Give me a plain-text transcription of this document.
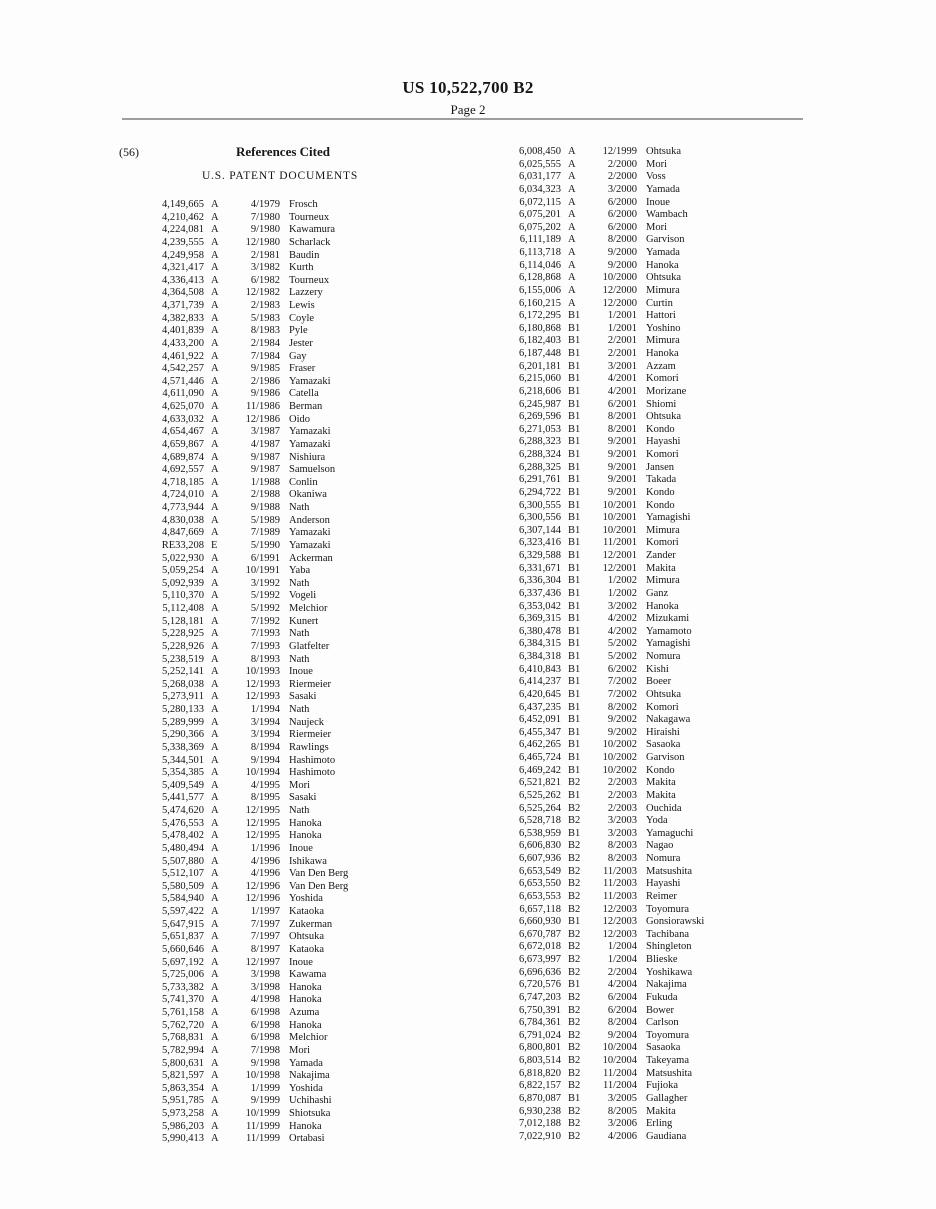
US 10,522,700 B2
Page 2
(56)	References Cited
U.S. PATENT DOCUMENTS
4,149,665 A	4/1979 Frosch
4,210,462 A	7/1980 Tourneux
4,224,081 A	9/1980 Kawamura
4,239,555 A	12/1980 Scharlack
4,249,958 A	2/1981 Baudin
4,321,417 A	3/1982 Kurth
4,336,413 A	6/1982 Tourneux
4,364,508 A	12/1982 Lazzery
4,371,739 A	2/1983 Lewis
4,382,833 A	5/1983 Coyle
4,401,839 A	8/1983 Pyle
4,433,200 A	2/1984 Jester
4,461,922 A	7/1984 Gay
4,542,257 A	9/1985 Fraser
4,571,446 A	2/1986 Yamazaki
4,611,090 A	9/1986 Catella
4,625,070 A	11/1986 Berman
4,633,032 A	12/1986 Oido
4,654,467 A	3/1987 Yamazaki
4,659,867 A	4/1987 Yamazaki
4,689,874 A	9/1987 Nishiura
4,692,557 A	9/1987 Samuelson
4,718,185 A	1/1988 Conlin
4,724,010 A	2/1988 Okaniwa
4,773,944 A	9/1988 Nath
4,830,038 A	5/1989 Anderson
4,847,669 A	7/1989 Yamazaki
RE33,208 E	5/1990 Yamazaki
5,022,930 A	6/1991 Ackerman
5,059,254 A	10/1991 Yaba
5,092,939 A	3/1992 Nath
5,110,370 A	5/1992 Vogeli
5,112,408 A	5/1992 Melchior
5,128,181 A	7/1992 Kunert
5,228,925 A	7/1993 Nath
5,228,926 A	7/1993 Glatfelter
5,238,519 A	8/1993 Nath
5,252,141 A	10/1993 Inoue
5,268,038 A	12/1993 Riermeier
5,273,911 A	12/1993 Sasaki
5,280,133 A	1/1994 Nath
5,289,999 A	3/1994 Naujeck
5,290,366 A	3/1994 Riermeier
5,338,369 A	8/1994 Rawlings
5,344,501 A	9/1994 Hashimoto
5,354,385 A	10/1994 Hashimoto
5,409,549 A	4/1995 Mori
5,441,577 A	8/1995 Sasaki
5,474,620 A	12/1995 Nath
5,476,553 A	12/1995 Hanoka
5,478,402 A	12/1995 Hanoka
5,480,494 A	1/1996 Inoue
5,507,880 A	4/1996 Ishikawa
5,512,107 A	4/1996 Van Den Berg
5,580,509 A	12/1996 Van Den Berg
5,584,940 A	12/1996 Yoshida
5,597,422 A	1/1997 Kataoka
5,647,915 A	7/1997 Zukerman
5,651,837 A	7/1997 Ohtsuka
5,660,646 A	8/1997 Kataoka
5,697,192 A	12/1997 Inoue
5,725,006 A	3/1998 Kawama
5,733,382 A	3/1998 Hanoka
5,741,370 A	4/1998 Hanoka
5,761,158 A	6/1998 Azuma
5,762,720 A	6/1998 Hanoka
5,768,831 A	6/1998 Melchior
5,782,994 A	7/1998 Mori
5,800,631 A	9/1998 Yamada
5,821,597 A	10/1998 Nakajima
5,863,354 A	1/1999 Yoshida
5,951,785 A	9/1999 Uchihashi
5,973,258 A	10/1999 Shiotsuka
5,986,203 A	11/1999 Hanoka
5,990,413 A	11/1999 Ortabasi
6,008,450 A	12/1999 Ohtsuka
6,025,555 A	2/2000 Mori
6,031,177 A	2/2000 Voss
6,034,323 A	3/2000 Yamada
6,072,115 A	6/2000 Inoue
6,075,201 A	6/2000 Wambach
6,075,202 A	6/2000 Mori
6,111,189 A	8/2000 Garvison
6,113,718 A	9/2000 Yamada
6,114,046 A	9/2000 Hanoka
6,128,868 A	10/2000 Ohtsuka
6,155,006 A	12/2000 Mimura
6,160,215 A	12/2000 Curtin
6,172,295 B1	1/2001 Hattori
6,180,868 B1	1/2001 Yoshino
6,182,403 B1	2/2001 Mimura
6,187,448 B1	2/2001 Hanoka
6,201,181 B1	3/2001 Azzam
6,215,060 B1	4/2001 Komori
6,218,606 B1	4/2001 Morizane
6,245,987 B1	6/2001 Shiomi
6,269,596 B1	8/2001 Ohtsuka
6,271,053 B1	8/2001 Kondo
6,288,323 B1	9/2001 Hayashi
6,288,324 B1	9/2001 Komori
6,288,325 B1	9/2001 Jansen
6,291,761 B1	9/2001 Takada
6,294,722 B1	9/2001 Kondo
6,300,555 B1	10/2001 Kondo
6,300,556 B1	10/2001 Yamagishi
6,307,144 B1	10/2001 Mimura
6,323,416 B1	11/2001 Komori
6,329,588 B1	12/2001 Zander
6,331,671 B1	12/2001 Makita
6,336,304 B1	1/2002 Mimura
6,337,436 B1	1/2002 Ganz
6,353,042 B1	3/2002 Hanoka
6,369,315 B1	4/2002 Mizukami
6,380,478 B1	4/2002 Yamamoto
6,384,315 B1	5/2002 Yamagishi
6,384,318 B1	5/2002 Nomura
6,410,843 B1	6/2002 Kishi
6,414,237 B1	7/2002 Boeer
6,420,645 B1	7/2002 Ohtsuka
6,437,235 B1	8/2002 Komori
6,452,091 B1	9/2002 Nakagawa
6,455,347 B1	9/2002 Hiraishi
6,462,265 B1	10/2002 Sasaoka
6,465,724 B1	10/2002 Garvison
6,469,242 B1	10/2002 Kondo
6,521,821 B2	2/2003 Makita
6,525,262 B1	2/2003 Makita
6,525,264 B2	2/2003 Ouchida
6,528,718 B2	3/2003 Yoda
6,538,959 B1	3/2003 Yamaguchi
6,606,830 B2	8/2003 Nagao
6,607,936 B2	8/2003 Nomura
6,653,549 B2	11/2003 Matsushita
6,653,550 B2	11/2003 Hayashi
6,653,553 B2	11/2003 Reimer
6,657,118 B2	12/2003 Toyomura
6,660,930 B1	12/2003 Gonsiorawski
6,670,787 B2	12/2003 Tachibana
6,672,018 B2	1/2004 Shingleton
6,673,997 B2	1/2004 Blieske
6,696,636 B2	2/2004 Yoshikawa
6,720,576 B1	4/2004 Nakajima
6,747,203 B2	6/2004 Fukuda
6,750,391 B2	6/2004 Bower
6,784,361 B2	8/2004 Carlson
6,791,024 B2	9/2004 Toyomura
6,800,801 B2	10/2004 Sasaoka
6,803,514 B2	10/2004 Takeyama
6,818,820 B2	11/2004 Matsushita
6,822,157 B2	11/2004 Fujioka
6,870,087 B1	3/2005 Gallagher
6,930,238 B2	8/2005 Makita
7,012,188 B2	3/2006 Erling
7,022,910 B2	4/2006 Gaudiana
